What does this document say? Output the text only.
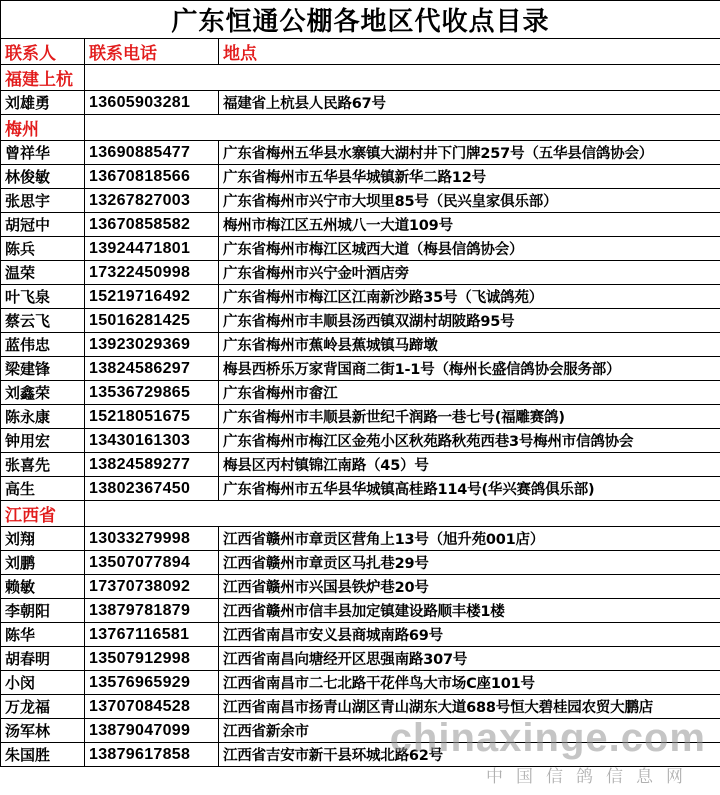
广东恒通公棚各地区代收点目录		
联系人	联系电话	地点
福建上杭		
刘雄勇	13605903281	福建省上杭县人民路67号
梅州		
曾祥华	13690885477	广东省梅州五华县水寨镇大湖村井下门牌257号（五华县信鸽协会）
林俊敏	13670818566	广东省梅州市五华县华城镇新华二路12号
张思宇	13267827003	广东省梅州市兴宁市大坝里85号（民兴皇家俱乐部）
胡冠中	13670858582	梅州市梅江区五州城八一大道109号
陈兵	13924471801	广东省梅州市梅江区城西大道（梅县信鸽协会）
温荣	17322450998	广东省梅州市兴宁金叶酒店旁
叶飞泉	15219716492	广东省梅州市梅江区江南新沙路35号（飞诚鸽苑）
蔡云飞	15016281425	广东省梅州市丰顺县汤西镇双湖村胡陂路95号
蓝伟忠	13923029369	广东省梅州市蕉岭县蕉城镇马蹄墩
梁建锋	13824586297	梅县西桥乐万家背国商二街1-1号（梅州长盛信鸽协会服务部）
刘鑫荣	13536729865	广东省梅州市畲江
陈永康	15218051675	广东省梅州市丰顺县新世纪千润路一巷七号(福雕赛鸽)
钟用宏	13430161303	广东省梅州市梅江区金苑小区秋苑路秋苑西巷3号梅州市信鸽协会
张喜先	13824589277	梅县区丙村镇锦江南路（45）号
高生	13802367450	广东省梅州市五华县华城镇高桂路114号(华兴赛鸽俱乐部)
江西省		
刘翔	13033279998	江西省赣州市章贡区营角上13号（旭升苑001店）
刘鹏	13507077894	江西省赣州市章贡区马扎巷29号
赖敏	17370738092	江西省赣州市兴国县铁炉巷20号
李朝阳	13879781879	江西省赣州市信丰县加定镇建设路顺丰楼1楼
陈华	13767116581	江西省南昌市安义县商城南路69号
胡春明	13507912998	江西省南昌向塘经开区思强南路307号
小闵	13576965929	江西省南昌市二七北路干花伴鸟大市场C座101号
万龙福	13707084528	江西省南昌市扬青山湖区青山湖东大道688号恒大碧桂园农贸大鹏店
汤军林	13879047099	江西省新余市
朱国胜	13879617858	江西省吉安市新干县环城北路62号
chinaxinge.com
中国信鸽信息网
